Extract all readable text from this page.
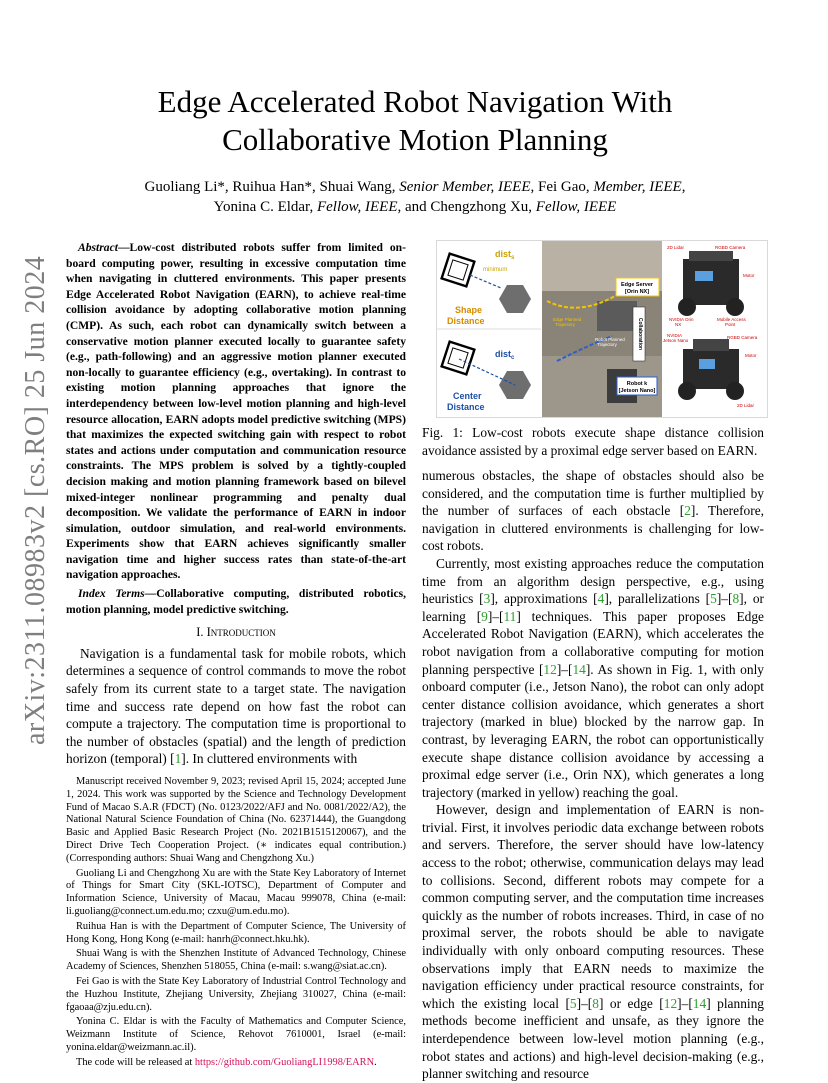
arXiv:2311.08983v2 [cs.RO] 25 Jun 2024
Edge Accelerated Robot Navigation With
Collaborative Motion Planning
Guoliang Li*, Ruihua Han*, Shuai Wang, Senior Member, IEEE, Fei Gao, Member, IEEE,
Yonina C. Eldar, Fellow, IEEE, and Chengzhong Xu, Fellow, IEEE

Abstract—Low-cost distributed robots suffer from limited on-board computing power, resulting in excessive computation time when navigating in cluttered environments. This paper presents Edge Accelerated Robot Navigation (EARN), to achieve real-time collision avoidance by adopting collaborative motion planning (CMP). As such, each robot can dynamically switch between a conservative motion planner executed locally to guarantee safety (e.g., path-following) and an aggressive motion planner executed non-locally to guarantee efficiency (e.g., overtaking). In contrast to existing motion planning approaches that ignore the interdependency between low-level motion planning and high-level resource allocation, EARN adopts model predictive switching (MPS) that maximizes the expected switching gain with respect to robot states and actions under computation and communication resource constraints. The MPS problem is solved by a tightly-coupled decision making and motion planning framework based on bilevel mixed-integer nonlinear programming and penalty dual decomposition. We validate the performance of EARN in indoor simulation, outdoor simulation, and real-world environments. Experiments show that EARN achieves significantly smaller navigation time and higher success rates than state-of-the-art navigation approaches.

Index Terms—Collaborative computing, distributed robotics, motion planning, model predictive switching.

I. Introduction

Navigation is a fundamental task for mobile robots, which determines a sequence of control commands to move the robot safely from its current state to a target state. The navigation time and success rate depend on how fast the robot can compute a trajectory. The computation time is proportional to the number of obstacles (spatial) and the length of prediction horizon (temporal) [1]. In cluttered environments with

Manuscript received November 9, 2023; revised April 15, 2024; accepted June 1, 2024. This work was supported by the Science and Technology Development Fund of Macao S.A.R (FDCT) (No. 0123/2022/AFJ and No. 0081/2022/A2), the National Natural Science Foundation of China (No. 62371444), the Guangdong Basic and Applied Basic Research Project (No. 2021B1515120067), and the Direct Drive Tech Cooperation Project. (∗ indicates equal contribution.) (Corresponding authors: Shuai Wang and Chengzhong Xu.)

Guoliang Li and Chengzhong Xu are with the State Key Laboratory of Internet of Things for Smart City (SKL-IOTSC), Department of Computer and Information Science, University of Macau, Macau 999078, China (e-mail: li.guoliang@connect.um.edu.mo; czxu@um.edu.mo).

Ruihua Han is with the Department of Computer Science, The University of Hong Kong, Hong Kong (e-mail: hanrh@connect.hku.hk).

Shuai Wang is with the Shenzhen Institute of Advanced Technology, Chinese Academy of Sciences, Shenzhen 518055, China (e-mail: s.wang@siat.ac.cn).

Fei Gao is with the State Key Laboratory of Industrial Control Technology and the Huzhou Institute, Zhejiang University, Zhejiang 310027, China (e-mail: fgaoaa@zju.edu.cn).

Yonina C. Eldar is with the Faculty of Mathematics and Computer Science, Weizmann Institute of Science, Rehovot 7610001, Israel (e-mail: yonina.eldar@weizmann.ac.il).

The code will be released at https://github.com/GuoliangLI1998/EARN.

dist$_s$
minimum
Shape Distance
dist$_c$
Center Distance
Edge Server [Orin NX]
Collaboration
Robot k [Jetson Nano]
Edge Planned Trajectory
Robot Planned Trajectory
2D Lidar	RGBD Camera
Motor
NVIDIA Orin NX
Mobile Access Point
NVIDIA Jetson Nano
RGBD Camera
Motor
2D Lidar
Fig. 1: Low-cost robots execute shape distance collision avoidance assisted by a proximal edge server based on EARN.

numerous obstacles, the shape of obstacles should also be considered, and the computation time is further multiplied by the number of surfaces of each obstacle [2]. Therefore, navigation in cluttered environments is challenging for low-cost robots.

Currently, most existing approaches reduce the computation time from an algorithm design perspective, e.g., using heuristics [3], approximations [4], parallelizations [5]–[8], or learning [9]–[11] techniques. This paper proposes Edge Accelerated Robot Navigation (EARN), which accelerates the robot navigation from a collaborative computing for motion planning perspective [12]–[14]. As shown in Fig. 1, with only onboard computer (i.e., Jetson Nano), the robot can only adopt center distance collision avoidance, which generates a short trajectory (marked in blue) blocked by the narrow gap. In contrast, by leveraging EARN, the robot can opportunistically execute shape distance collision avoidance by accessing a proximal edge server (i.e., Orin NX), which generates a long trajectory (marked in yellow) reaching the goal.

However, design and implementation of EARN is non-trivial. First, it involves periodic data exchange between robots and servers. Therefore, the server should have low-latency access to the robot; otherwise, communication delays may lead to collisions. Second, different robots may compete for a common computing server, and the computation time increases quickly as the number of robots increases. Third, in case of no proximal server, the robots should be able to navigate individually with only onboard computing resources. These observations imply that EARN needs to maximize the navigation efficiency under practical resource constraints, for which the existing local [5]–[8] or edge [12]–[14] planning methods become inefficient and unsafe, as they ignore the interdependence between low-level motion planning (e.g., robot states and actions) and high-level decision-making (e.g., planner switching and resource
